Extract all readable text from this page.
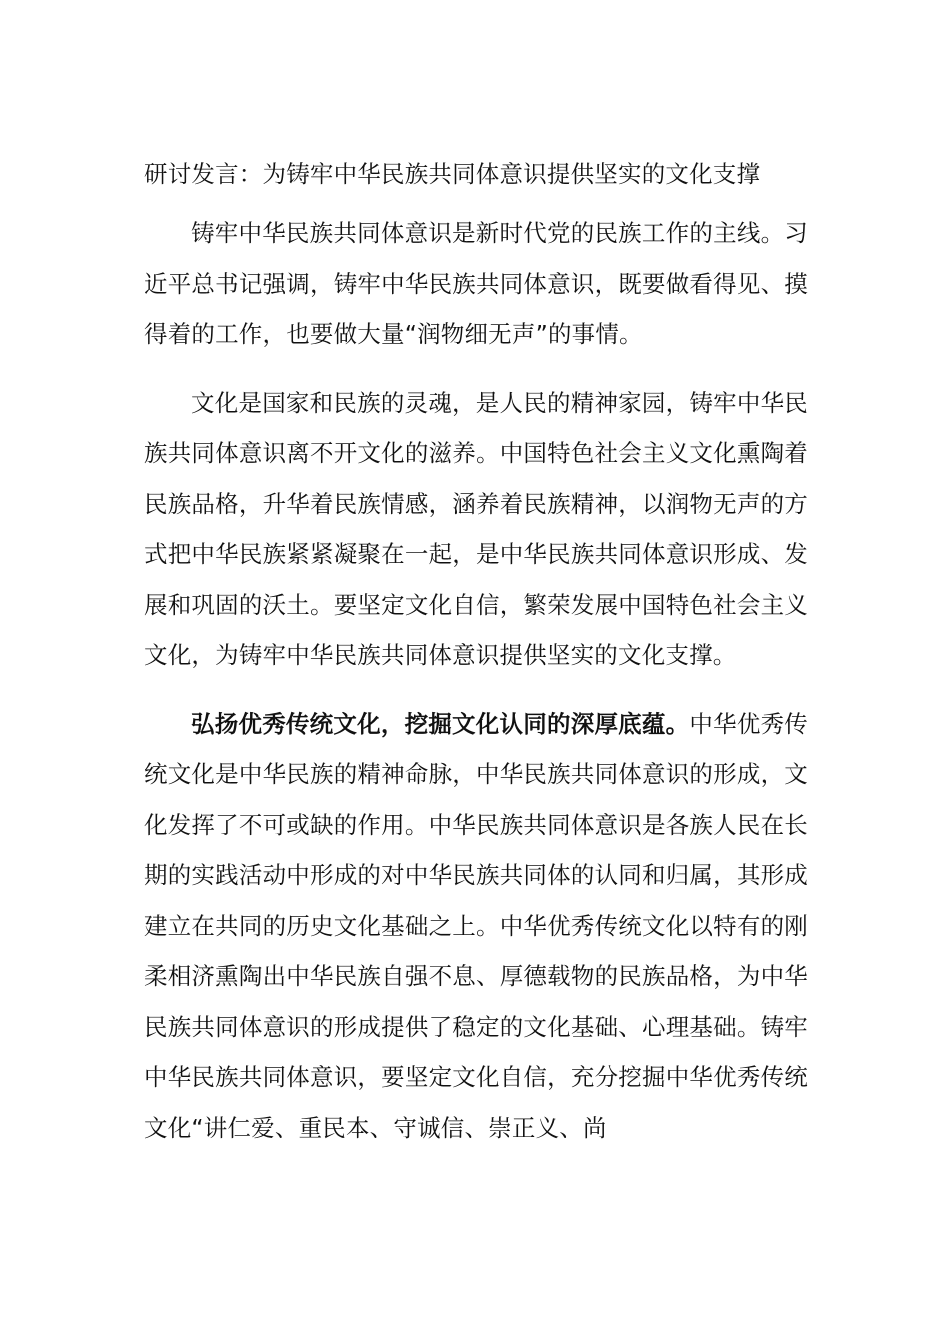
研讨发言：为铸牢中华民族共同体意识提供坚实的文化支撑

铸牢中华民族共同体意识是新时代党的民族工作的主线。习近平总书记强调，铸牢中华民族共同体意识，既要做看得见、摸得着的工作，也要做大量“润物细无声”的事情。

文化是国家和民族的灵魂，是人民的精神家园，铸牢中华民族共同体意识离不开文化的滋养。中国特色社会主义文化熏陶着民族品格，升华着民族情感，涵养着民族精神，以润物无声的方式把中华民族紧紧凝聚在一起，是中华民族共同体意识形成、发展和巩固的沃土。要坚定文化自信，繁荣发展中国特色社会主义文化，为铸牢中华民族共同体意识提供坚实的文化支撑。

弘扬优秀传统文化，挖掘文化认同的深厚底蕴。中华优秀传统文化是中华民族的精神命脉，中华民族共同体意识的形成，文化发挥了不可或缺的作用。中华民族共同体意识是各族人民在长期的实践活动中形成的对中华民族共同体的认同和归属，其形成建立在共同的历史文化基础之上。中华优秀传统文化以特有的刚柔相济熏陶出中华民族自强不息、厚德载物的民族品格，为中华民族共同体意识的形成提供了稳定的文化基础、心理基础。铸牢中华民族共同体意识，要坚定文化自信，充分挖掘中华优秀传统文化“讲仁爱、重民本、守诚信、崇正义、尚
